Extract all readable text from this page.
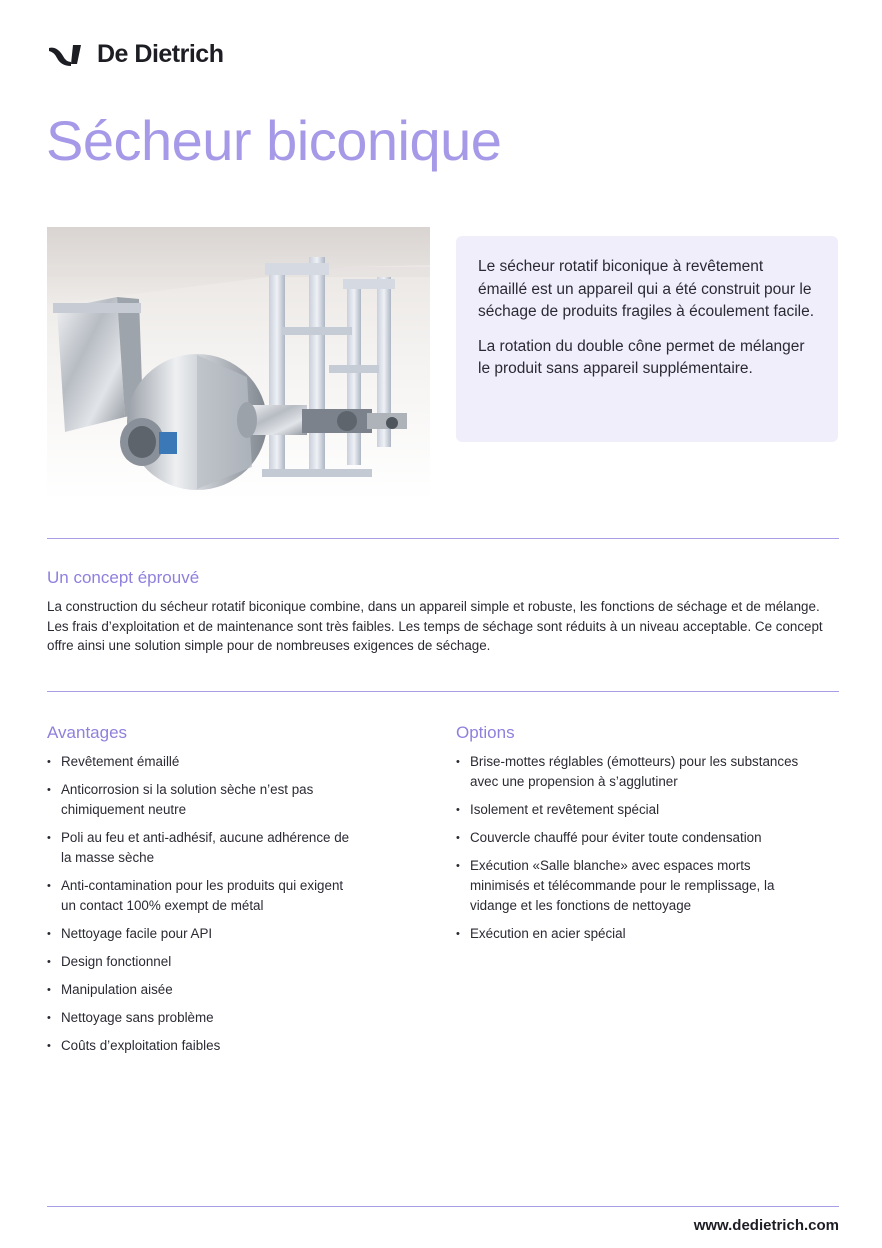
De Dietrich
Sécheur biconique

Le sécheur rotatif biconique à revêtement émaillé est un appareil qui a été construit pour le séchage de produits fragiles à écoulement facile.

La rotation du double cône permet de mélanger le produit sans appareil supplémentaire.

Un concept éprouvé

La construction du sécheur rotatif biconique combine, dans un appareil simple et robuste, les fonctions de séchage et de mélange. Les frais d’exploitation et de maintenance sont très faibles. Les temps de séchage sont réduits à un niveau acceptable. Ce concept offre ainsi une solution simple pour de nombreuses exigences de séchage.

Avantages
• Revêtement émaillé
• Anticorrosion si la solution sèche n’est pas chimiquement neutre
• Poli au feu et anti-adhésif, aucune adhérence de la masse sèche
• Anti-contamination pour les produits qui exigent un contact 100% exempt de métal
• Nettoyage facile pour API
• Design fonctionnel
• Manipulation aisée
• Nettoyage sans problème
• Coûts d’exploitation faibles
Options
• Brise-mottes réglables (émotteurs) pour les substances avec une propension à s’agglutiner
• Isolement et revêtement spécial
• Couvercle chauffé pour éviter toute condensation
• Exécution «Salle blanche» avec espaces morts minimisés et télécommande pour le remplissage, la vidange et les fonctions de nettoyage
• Exécution en acier spécial
www.dedietrich.com
